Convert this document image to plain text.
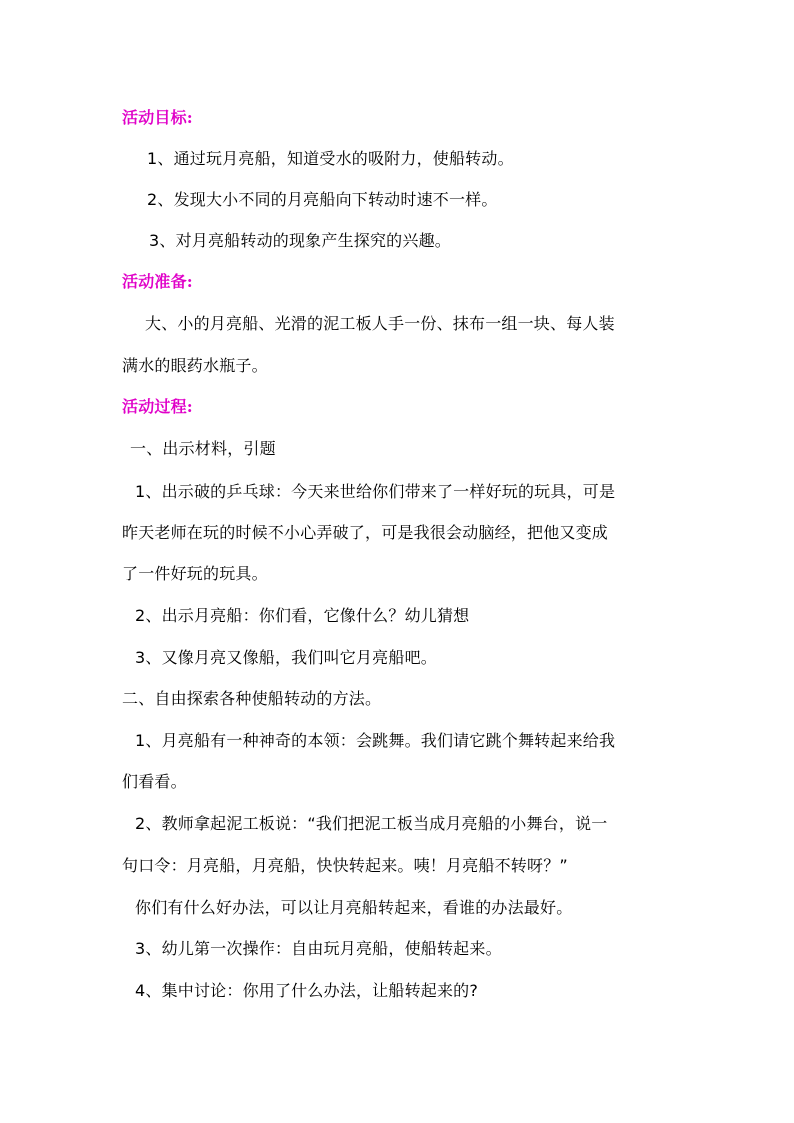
活动目标:
1、通过玩月亮船，知道受水的吸附力，使船转动。
2、发现大小不同的月亮船向下转动时速不一样。
3、对月亮船转动的现象产生探究的兴趣。
活动准备:
大、小的月亮船、光滑的泥工板人手一份、抹布一组一块、每人装
满水的眼药水瓶子。
活动过程:
一、出示材料，引题
1、出示破的乒乓球：今天来世给你们带来了一样好玩的玩具，可是
昨天老师在玩的时候不小心弄破了，可是我很会动脑经，把他又变成
了一件好玩的玩具。
2、出示月亮船：你们看，它像什么？幼儿猜想
3、又像月亮又像船，我们叫它月亮船吧。
二、自由探索各种使船转动的方法。
1、月亮船有一种神奇的本领：会跳舞。我们请它跳个舞转起来给我
们看看。
2、教师拿起泥工板说：“我们把泥工板当成月亮船的小舞台，说一
句口令：月亮船，月亮船，快快转起来。咦！月亮船不转呀？”
你们有什么好办法，可以让月亮船转起来，看谁的办法最好。
3、幼儿第一次操作：自由玩月亮船，使船转起来。
4、集中讨论：你用了什么办法，让船转起来的?
